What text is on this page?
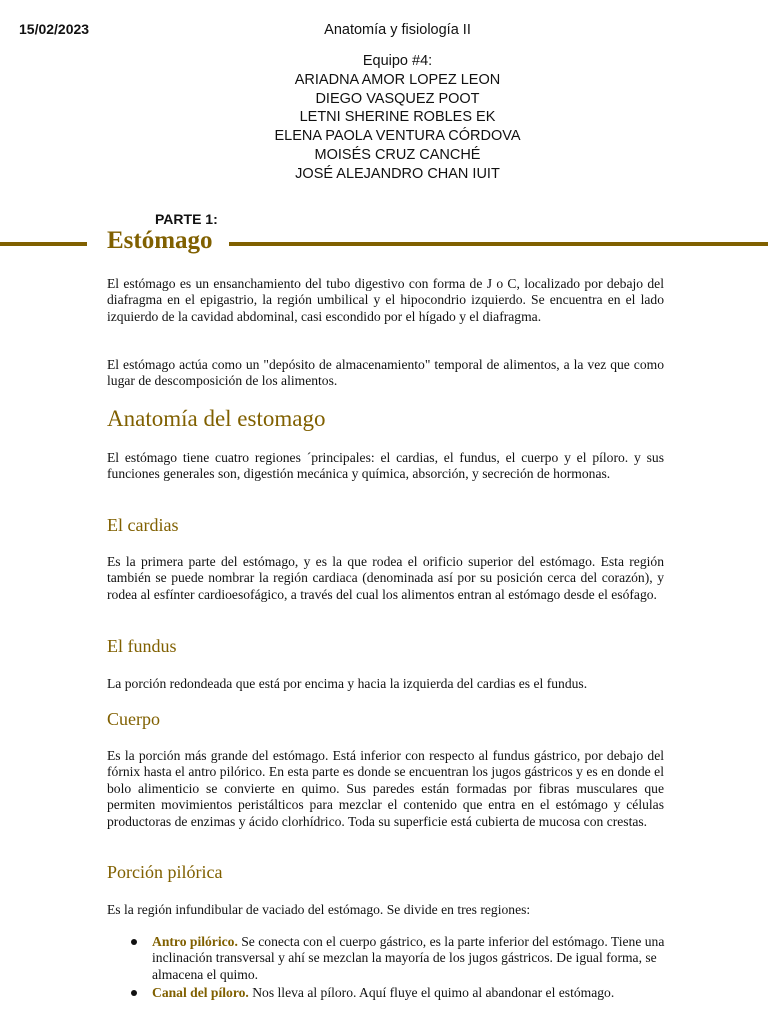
15/02/2023	Anatomía y fisiología II
Equipo #4:
ARIADNA AMOR LOPEZ LEON
DIEGO VASQUEZ POOT
LETNI SHERINE ROBLES EK
ELENA PAOLA VENTURA CÓRDOVA
MOISÉS CRUZ CANCHÉ
JOSÉ ALEJANDRO CHAN IUIT
PARTE 1:
Estómago
El estómago es un ensanchamiento del tubo digestivo con forma de J o C, localizado por debajo del diafragma en el epigastrio, la región umbilical y el hipocondrio izquierdo. Se encuentra en el lado izquierdo de la cavidad abdominal, casi escondido por el hígado y el diafragma.
El estómago actúa como un "depósito de almacenamiento" temporal de alimentos, a la vez que como lugar de descomposición de los alimentos.
Anatomía del estomago
El estómago tiene cuatro regiones ´principales: el cardias, el fundus, el cuerpo y el píloro. y sus funciones generales son, digestión mecánica y química, absorción, y secreción de hormonas.
El cardias
Es la primera parte del estómago, y es la que rodea el orificio superior del estómago. Esta región también se puede nombrar la región cardiaca (denominada así por su posición cerca del corazón), y rodea al esfínter cardioesofágico, a través del cual los alimentos entran al estómago desde el esófago.
El fundus
La porción redondeada que está por encima y hacia la izquierda del cardias es el fundus.
Cuerpo
Es la porción más grande del estómago. Está inferior con respecto al fundus gástrico, por debajo del fórnix hasta el antro pilórico. En esta parte es donde se encuentran los jugos gástricos y es en donde el bolo alimenticio se convierte en quimo. Sus paredes están formadas por fibras musculares que permiten movimientos peristálticos para mezclar el contenido que entra en el estómago y células productoras de enzimas y ácido clorhídrico. Toda su superficie está cubierta de mucosa con crestas.
Porción pilórica
Es la región infundibular de vaciado del estómago. Se divide en tres regiones:
Antro pilórico. Se conecta con el cuerpo gástrico, es la parte inferior del estómago. Tiene una inclinación transversal y ahí se mezclan la mayoría de los jugos gástricos. De igual forma, se almacena el quimo.
Canal del píloro. Nos lleva al píloro. Aquí fluye el quimo al abandonar el estómago.
